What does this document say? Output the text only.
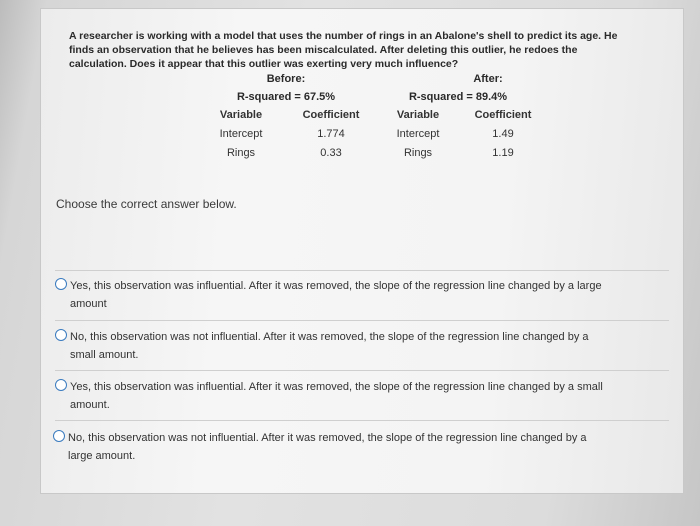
A researcher is working with a model that uses the number of rings in an Abalone's shell to predict its age. He finds an observation that he believes has been miscalculated. After deleting this outlier, he redoes the calculation. Does it appear that this outlier was exerting very much influence?
Before:
R-squared = 67.5%
Variable	Coefficient
Intercept	1.774
Rings	0.33
After:
R-squared = 89.4%
Variable	Coefficient
Intercept	1.49
Rings	1.19
Choose the correct answer below.
Yes, this observation was influential. After it was removed, the slope of the regression line changed by a large
amount
No, this observation was not influential. After it was removed, the slope of the regression line changed by a
small amount.
Yes, this observation was influential. After it was removed, the slope of the regression line changed by a small
amount.
No, this observation was not influential. After it was removed, the slope of the regression line changed by a
large amount.
